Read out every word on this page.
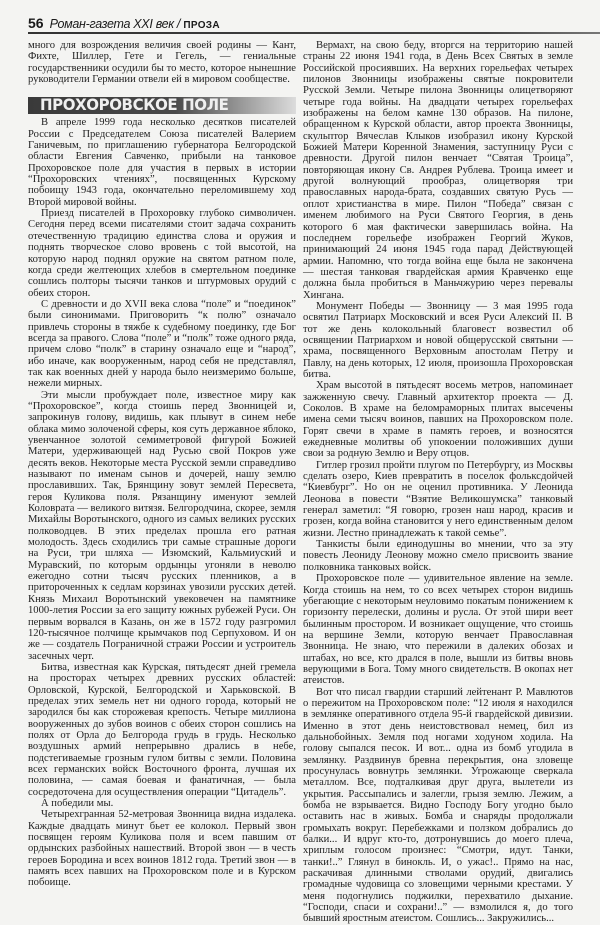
56 Роман-газета XXI век / ПРОЗА

много для возрождения величия своей родины — Кант, Фихте, Шиллер, Гете и Гегель, — гениальные государственники осудили бы то место, которое нынешние руководители Германии отвели ей в мировом сообществе.

ПРОХОРОВСКОЕ ПОЛЕ

В апреле 1999 года несколько десятков писателей России с Председателем Союза писателей Валерием Ганичевым, по приглашению губернатора Белгородской области Евгения Савченко, прибыли на танковое Прохоровское поле для участия в первых в истории “Прохоровских чтениях”, посвященных Курскому побоищу 1943 года, окончательно переломившему ход Второй мировой войны.

Приезд писателей в Прохоровку глубоко символичен. Сегодня перед всеми писателями стоит задача сохранить отечественную традицию единства слова и оружия и поднять творческое слово вровень с той высотой, на которую народ поднял оружие на святом ратном поле, когда среди желтеющих хлебов в смертельном поединке сошлись полторы тысячи танков и штурмовых орудий с обеих сторон.

С древности и до XVII века слова “поле” и “поединок” были синонимами. Приговорить “к полю” означало привлечь стороны в тяжбе к судебному поединку, где Бог всегда за правого. Слова “поле” и “полк” тоже одного ряда, причем слово “полк” в старину означало еще и “народ”, ибо иначе, как вооруженным, народ себя не представлял, так как военных дней у народа было неизмеримо больше, нежели мирных.

Эти мысли пробуждает поле, известное миру как “Прохоровское”, когда стоишь перед Звонницей и, запрокинув голову, видишь, как плывут в синем небе облака мимо золоченой сферы, коя суть державное яблоко, увенчанное золотой семиметровой фигурой Божией Матери, удерживающей над Русью свой Покров уже десять веков. Некоторые места Русской земли справедливо называют по именам сынов и дочерей, нашу землю прославивших. Так, Брянщину зовут землей Пересвета, героя Куликова поля. Рязанщину именуют землей Коловрата — великого витязя. Белгородчина, скорее, земля Михайлы Воротынского, одного из самых великих русских полководцев. В этих пределах прошла его ратная молодость. Здесь сходились три самые страшные дороги на Руси, три шляха — Изюмский, Кальмиуский и Муравский, по которым ордынцы угоняли в неволю ежегодно сотни тысяч русских пленников, а в притороченных к седлам корзинах увозили русских детей. Князь Михаил Воротынский увековечен на памятнике 1000-летия России за его защиту южных рубежей Руси. Он первым ворвался в Казань, он же в 1572 году разгромил 120-тысячное полчище крымчаков под Серпуховом. И он же — создатель Пограничной стражи России и устроитель засечных черт.

Битва, известная как Курская, пятьдесят дней гремела на просторах четырех древних русских областей: Орловской, Курской, Белгородской и Харьковской. В пределах этих земель нет ни одного города, который не зародился бы как сторожевая крепость. Четыре миллиона вооруженных до зубов воинов с обеих сторон сошлись на полях от Орла до Белгорода грудь в грудь. Несколько воздушных армий непрерывно дрались в небе, подстегиваемые грозным гулом битвы с земли. Половина всех германских войск Восточного фронта, лучшая их половина, — самая боевая и фанатичная, — была сосредоточена для осуществления операции “Цитадель”.

А победили мы.

Четырехгранная 52-метровая Звонница видна издалека. Каждые двадцать минут бьет ее колокол. Первый звон посвящен героям Куликова поля и всем павшим от ордынских разбойных нашествий. Второй звон — в честь героев Бородина и всех воинов 1812 года. Третий звон — в память всех павших на Прохоровском поле и в Курском побоище.

Вермахт, на свою беду, вторгся на территорию нашей страны 22 июня 1941 года, в День Всех Святых в земле Российской просиявших. На верхних горельефах четырех пилонов Звонницы изображены святые покровители Русской Земли. Четыре пилона Звонницы олицетворяют четыре года войны. На двадцати четырех горельефах изображены на белом камне 130 образов. На пилоне, обращенном к Курской области, автор проекта Звонницы, скульптор Вячеслав Клыков изобразил икону Курской Божией Матери Коренной Знамения, заступницу Руси с древности. Другой пилон венчает “Святая Троица”, повторяющая икону Св. Андрея Рублева. Троица имеет и другой волнующий прообраз, олицетворяя три православных народа-брата, создавших святую Русь — оплот христианства в мире. Пилон “Победа” связан с именем любимого на Руси Святого Георгия, в день которого 6 мая фактически завершилась война. На последнем горельефе изображен Георгий Жуков, принимающий 24 июня 1945 года парад Действующей армии. Напомню, что тогда война еще была не закончена — шестая танковая гвардейская армия Кравченко еще должна была пробиться в Маньчжурию через перевалы Хингана.

Монумент Победы — Звонницу — 3 мая 1995 года освятил Патриарх Московский и всея Руси Алексий II. В тот же день колокольный благовест возвестил об освящении Патриархом и новой общерусской святыни — храма, посвященного Верховным апостолам Петру и Павлу, на день которых, 12 июля, произошла Прохоровская битва.

Храм высотой в пятьдесят восемь метров, напоминает зажженную свечу. Главный архитектор проекта — Д. Соколов. В храме на беломраморных плитах высечены имена семи тысяч воинов, павших на Прохоровском поле. Горят свечи в храме в память героев, и возносятся ежедневные молитвы об упокоении положивших души свои за родную Землю и Веру отцов.

Гитлер грозил пройти плугом по Петербургу, из Москвы сделать озеро, Киев превратить в поселок фольксдойчей “Киевбург”. Но он не оценил противника. У Леонида Леонова в повести “Взятие Великошумска” танковый генерал заметил: “Я говорю, грозен наш народ, красив и грозен, когда война становится у него единственным делом жизни. Лестно принадлежать к такой семье”.

Танкисты были единодушны во мнении, что за эту повесть Леониду Леонову можно смело присвоить звание полковника танковых войск.

Прохоровское поле — удивительное явление на земле. Когда стоишь на нем, то со всех четырех сторон видишь убегающие с некоторым неуловимо покатым понижением к горизонту перелески, долины и русла. От этой шири веет былинным простором. И возникает ощущение, что стоишь на вершине Земли, которую венчает Православная Звонница. Не знаю, что пережили в далеких обозах и штабах, но все, кто дрался в поле, вышли из битвы вновь верующими в Бога. Тому много свидетельств. В окопах нет атеистов.

Вот что писал гвардии старший лейтенант Р. Мавлютов о пережитом на Прохоровском поле: “12 июля я находился в землянке оперативного отдела 95-й гвардейской дивизии. Именно в этот день неистовствовал немец, бил из дальнобойных. Земля под ногами ходуном ходила. На голову сыпался песок. И вот... одна из бомб угодила в землянку. Раздвинув бревна перекрытия, она зловеще просунулась вовнутрь землянки. Угрожающе сверкала металлом. Все, подталкивая друг друга, вылетели из укрытия. Рассыпались и залегли, грызя землю. Лежим, а бомба не взрывается. Видно Господу Богу угодно было оставить нас в живых. Бомба и снаряды продолжали громыхать вокруг. Перебежками и ползком добрались до балки... И вдруг кто-то, дотронувшись до моего плеча, хриплым голосом произнес: “Смотри, идут. Танки, танки!..” Глянул в бинокль. И, о ужас!.. Прямо на нас, раскачивая длинными стволами орудий, двигались громадные чудовища со зловещими черными крестами. У меня подогнулись поджилки, перехватило дыхание. “Господи, спаси и сохрани!..” — взмолился я, до того бывший яростным атеистом. Сошлись... Закружились...
